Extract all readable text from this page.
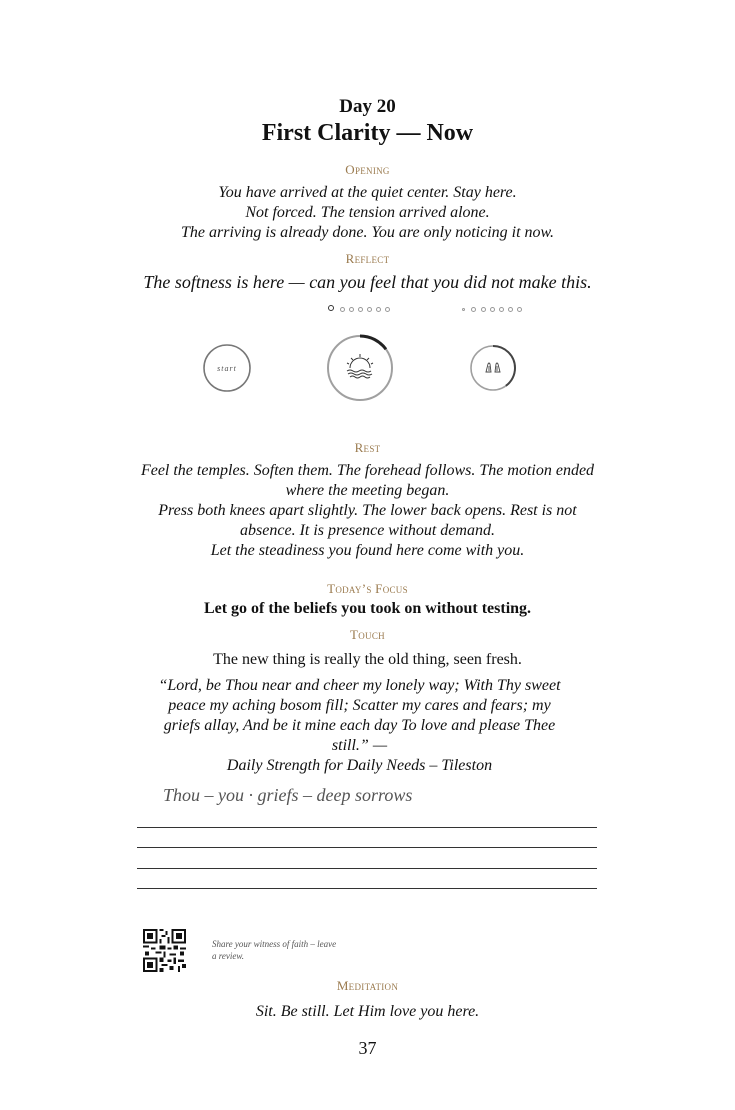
Day 20
First Clarity — Now
Opening
You have arrived at the quiet center. Stay here.
Not forced. The tension arrived alone.
The arriving is already done. You are only noticing it now.
Reflect
The softness is here — can you feel that you did not make this.
start
Rest
Feel the temples. Soften them. The forehead follows. The motion ended where the meeting began.
Press both knees apart slightly. The lower back opens. Rest is not absence. It is presence without demand.
Let the steadiness you found here come with you.
Today’s Focus
Let go of the beliefs you took on without testing.
Touch
The new thing is really the old thing, seen fresh.
“Lord, be Thou near and cheer my lonely way; With Thy sweet peace my aching bosom fill; Scatter my cares and fears; my griefs allay, And be it mine each day To love and please Thee still.” —
Daily Strength for Daily Needs – Tileston
Thou – you · griefs – deep sorrows
Share your witness of faith – leave a review.
Meditation
Sit. Be still. Let Him love you here.
37
